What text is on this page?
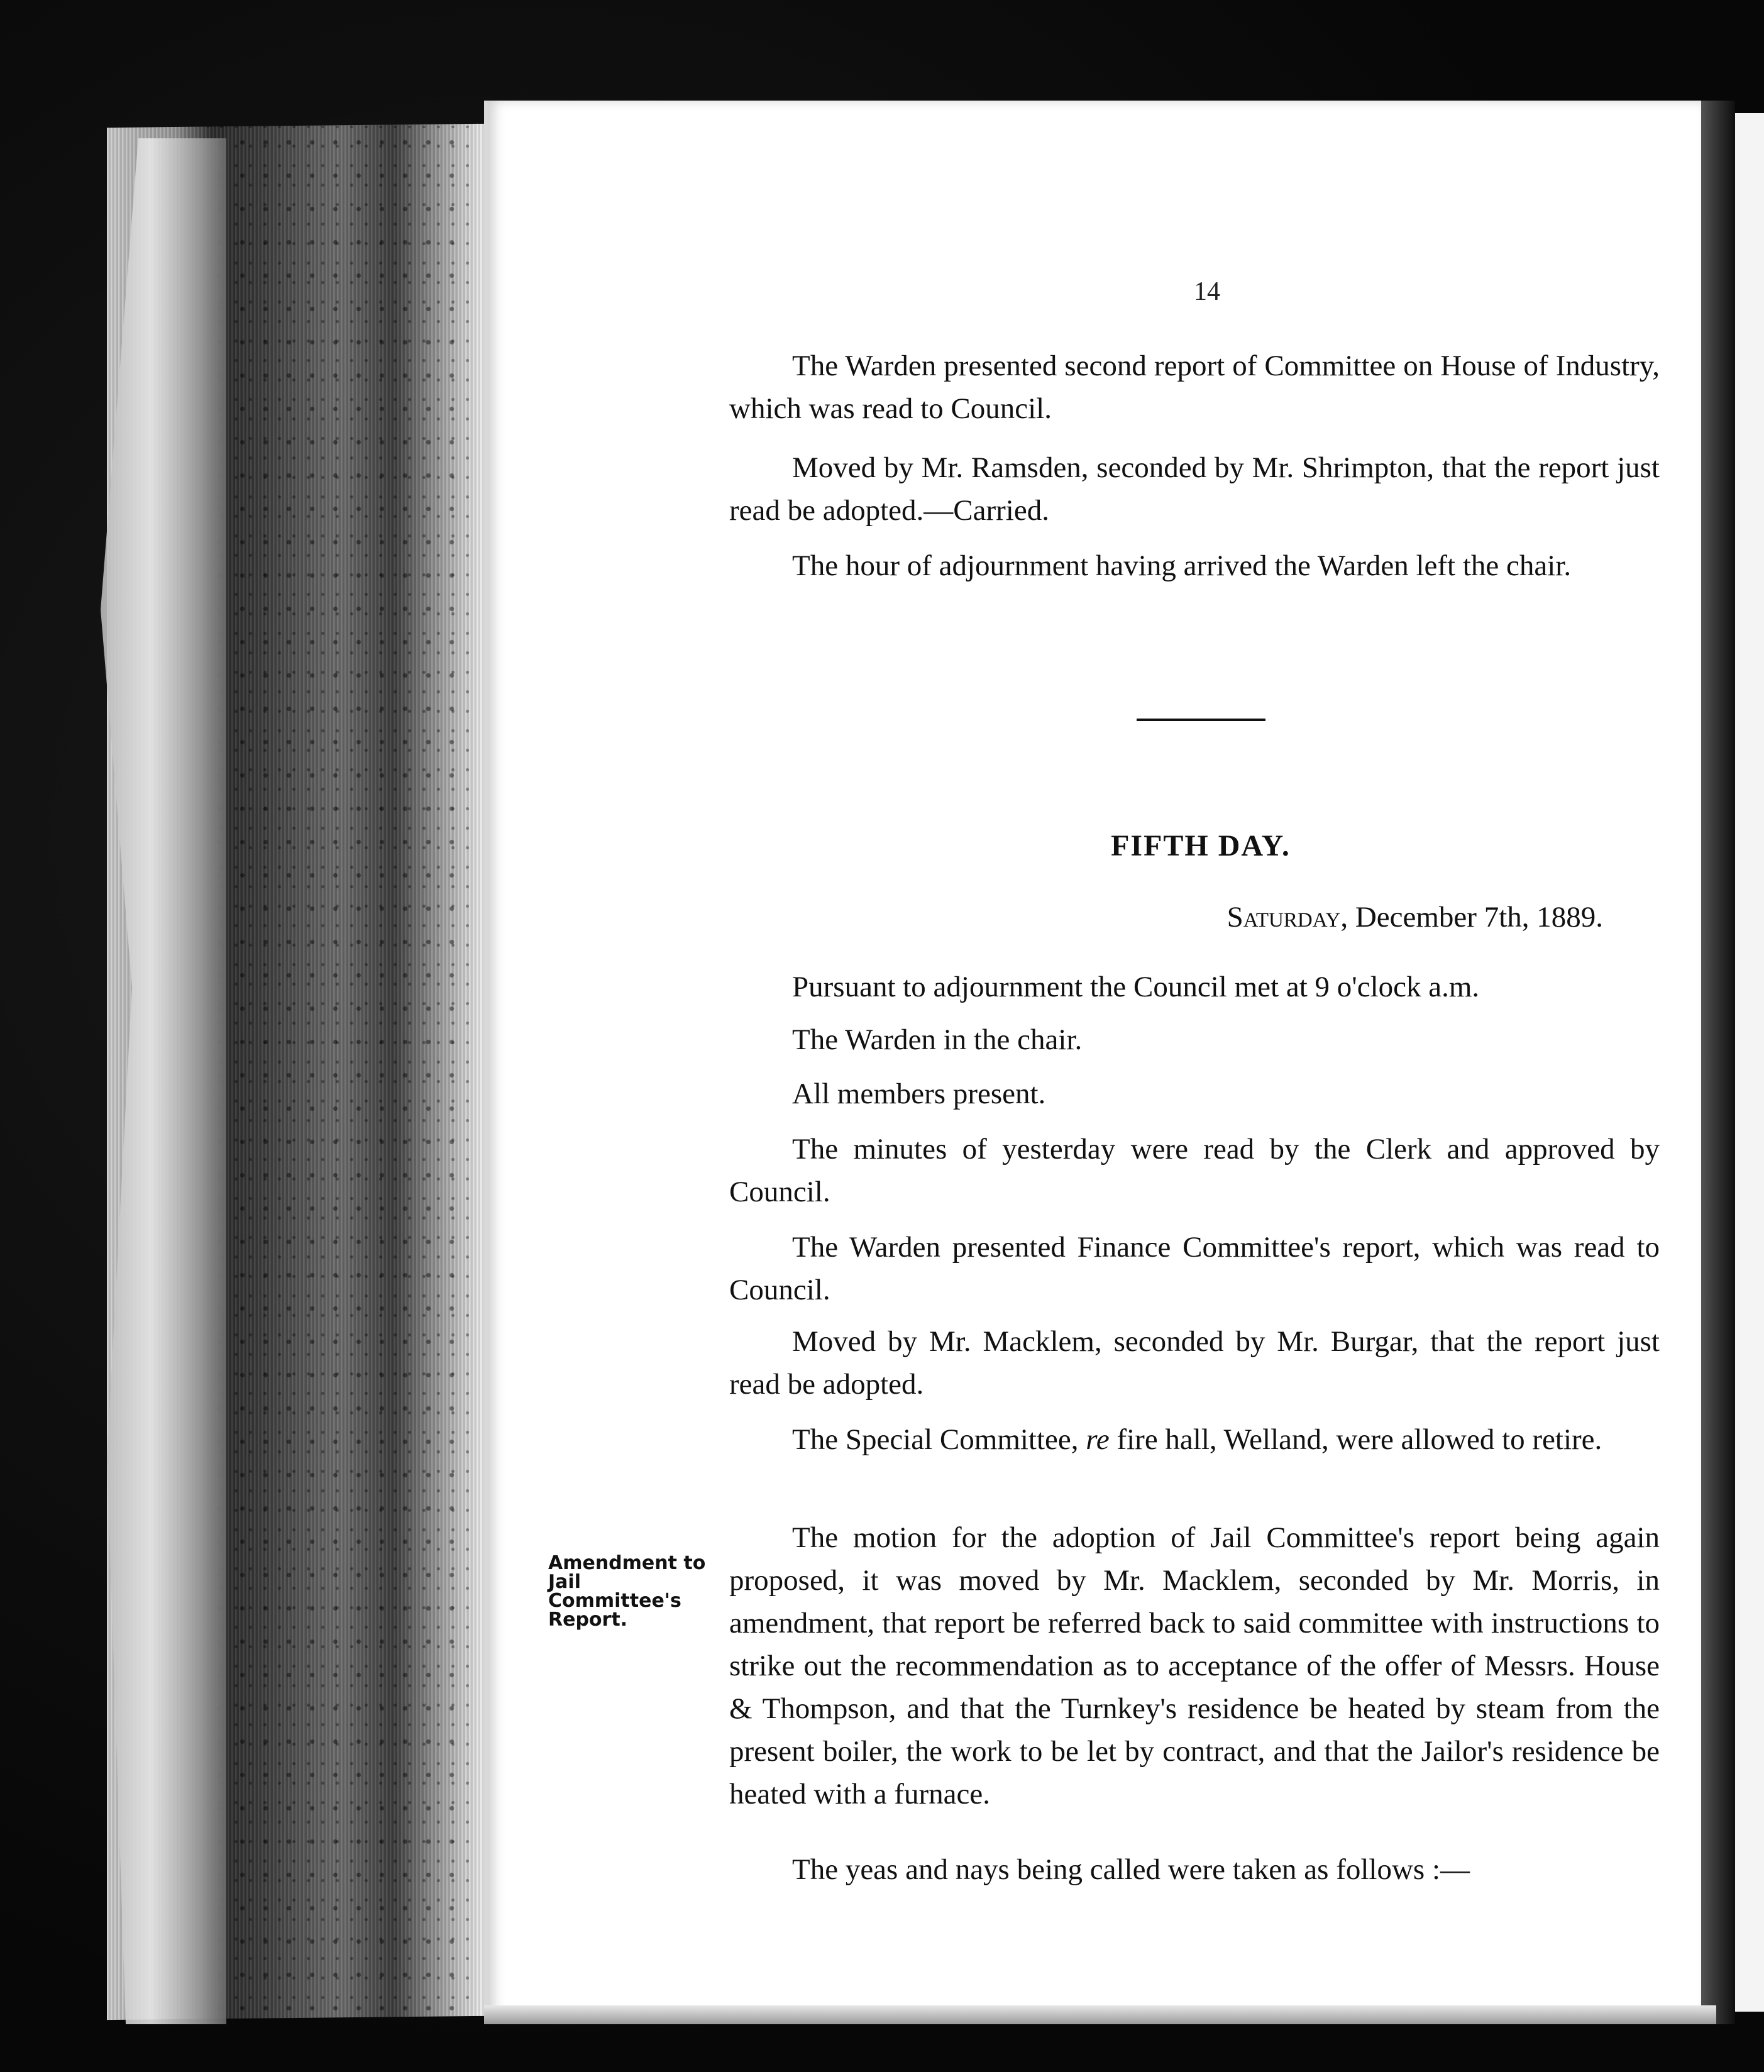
14

The Warden presented second report of Committee on House of Industry, which was read to Council.

Moved by Mr. Ramsden, seconded by Mr. Shrimpton, that the report just read be adopted.—Carried.

The hour of adjournment having arrived the Warden left the chair.

FIFTH DAY.

Saturday, December 7th, 1889.

Pursuant to adjournment the Council met at 9 o'clock a.m.

The Warden in the chair.

All members present.

The minutes of yesterday were read by the Clerk and approved by Council.

The Warden presented Finance Committee's report, which was read to Council.

Moved by Mr. Macklem, seconded by Mr. Burgar, that the report just read be adopted.

The Special Committee, re fire hall, Welland, were allowed to retire.

Amendment to Jail Committee's Report.

The motion for the adoption of Jail Committee's report being again proposed, it was moved by Mr. Macklem, seconded by Mr. Morris, in amendment, that report be referred back to said committee with instructions to strike out the recommendation as to acceptance of the offer of Messrs. House & Thompson, and that the Turnkey's residence be heated by steam from the present boiler, the work to be let by contract, and that the Jailor's residence be heated with a furnace.

The yeas and nays being called were taken as follows :—
